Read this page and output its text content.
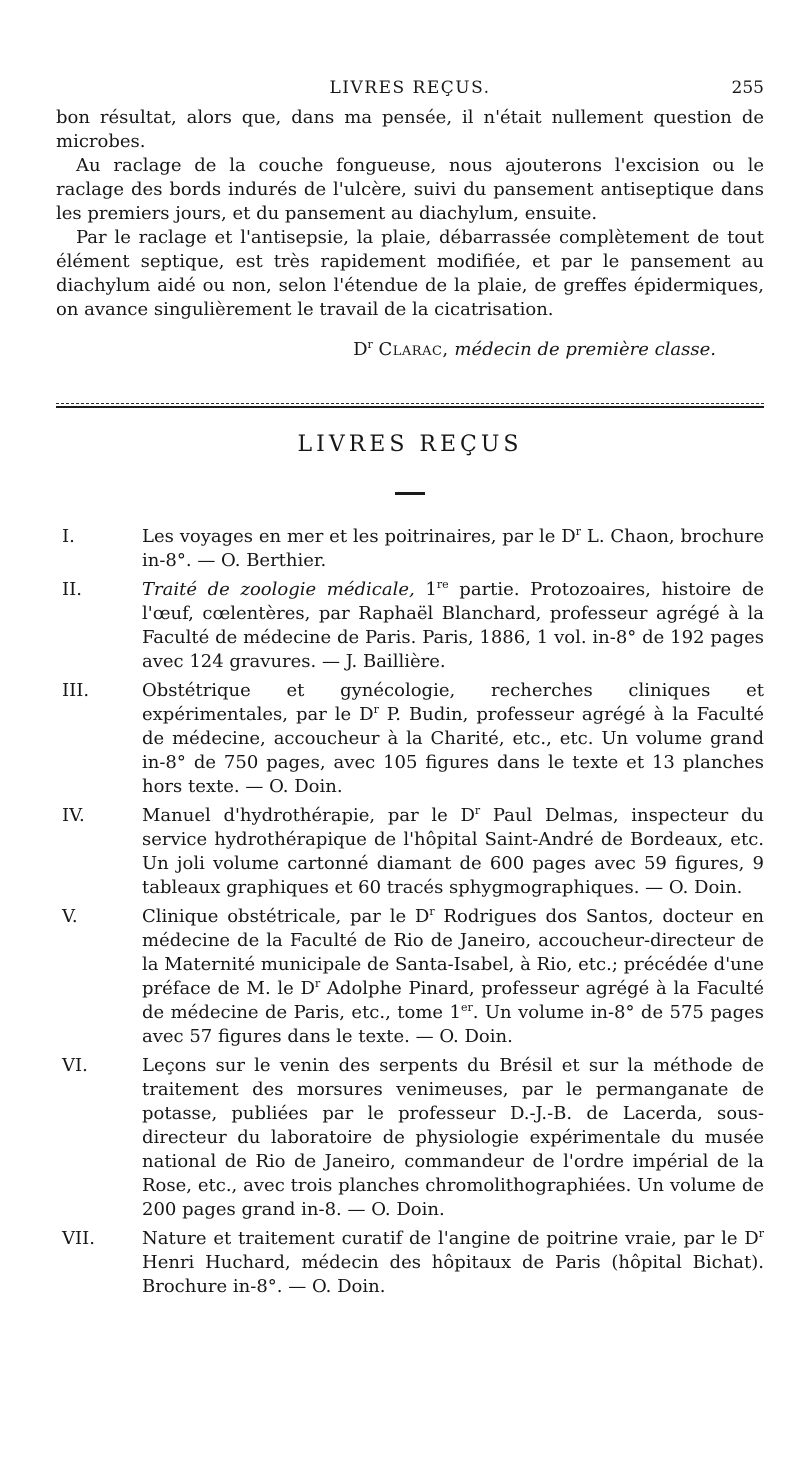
LIVRES REÇUS.	255

bon résultat, alors que, dans ma pensée, il n'était nullement question de microbes.

Au raclage de la couche fongueuse, nous ajouterons l'excision ou le raclage des bords indurés de l'ulcère, suivi du pansement antiseptique dans les premiers jours, et du pansement au diachylum, ensuite.

Par le raclage et l'antisepsie, la plaie, débarrassée complètement de tout élément septique, est très rapidement modifiée, et par le pansement au diachylum aidé ou non, selon l'étendue de la plaie, de greffes épidermiques, on avance singulièrement le travail de la cicatrisation.

$D^r$ Clarac, médecin de première classe.
LIVRES REÇUS
I.	Les voyages en mer et les poitrinaires, par le $D^r$ L. Chaon, brochure in-8°. — O. Berthier.

II.	Traité de zoologie médicale, 1re partie. Protozoaires, histoire de l'œuf, cœlentères, par Raphaël Blanchard, professeur agrégé à la Faculté de médecine de Paris. Paris, 1886, 1 vol. in-8° de 192 pages avec 124 gravures. — J. Baillière.

III.	Obstétrique et gynécologie, recherches cliniques et expérimentales, par le $D^r$ P. Budin, professeur agrégé à la Faculté de médecine, accoucheur à la Charité, etc., etc. Un volume grand in-8° de 750 pages, avec 105 figures dans le texte et 13 planches hors texte. — O. Doin.

IV.	Manuel d'hydrothérapie, par le $D^r$ Paul Delmas, inspecteur du service hydrothérapique de l'hôpital Saint-André de Bordeaux, etc. Un joli volume cartonné diamant de 600 pages avec 59 figures, 9 tableaux graphiques et 60 tracés sphygmographiques. — O. Doin.

V.	Clinique obstétricale, par le $D^r$ Rodrigues dos Santos, docteur en médecine de la Faculté de Rio de Janeiro, accoucheur-directeur de la Maternité municipale de Santa-Isabel, à Rio, etc.; précédée d'une préface de M. le $D^r$ Adolphe Pinard, professeur agrégé à la Faculté de médecine de Paris, etc., tome 1er. Un volume in-8° de 575 pages avec 57 figures dans le texte. — O. Doin.

VI.	Leçons sur le venin des serpents du Brésil et sur la méthode de traitement des morsures venimeuses, par le permanganate de potasse, publiées par le professeur D.-J.-B. de Lacerda, sous-directeur du laboratoire de physiologie expérimentale du musée national de Rio de Janeiro, commandeur de l'ordre impérial de la Rose, etc., avec trois planches chromolithographiées. Un volume de 200 pages grand in-8. — O. Doin.

VII.	Nature et traitement curatif de l'angine de poitrine vraie, par le $D^r$ Henri Huchard, médecin des hôpitaux de Paris (hôpital Bichat). Brochure in-8°. — O. Doin.
